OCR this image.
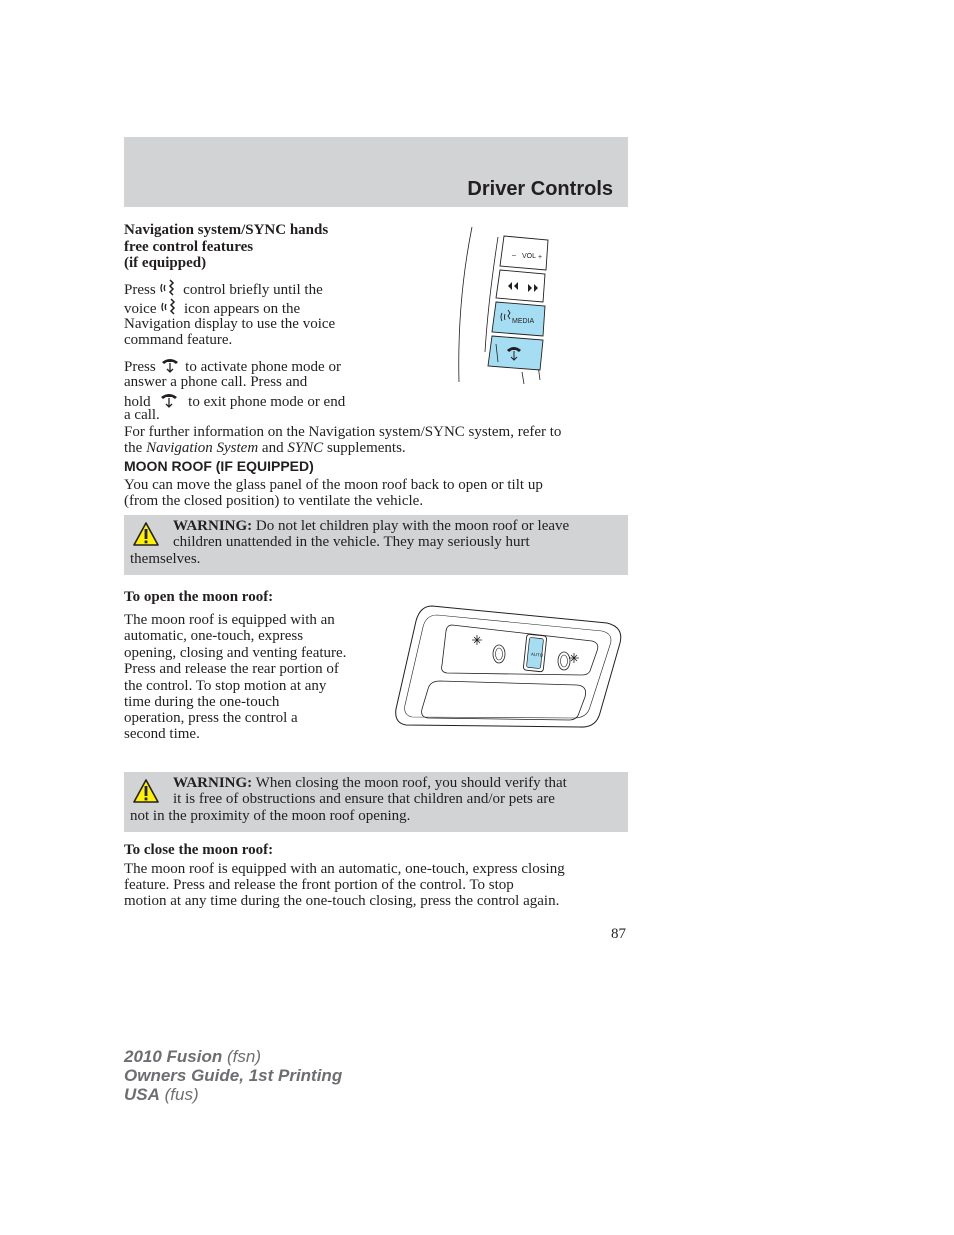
Driver Controls
Navigation system/SYNC hands
free control features
(if equipped)
Press control briefly until the
voice icon appears on the
Navigation display to use the voice
command feature.
Press to activate phone mode or
answer a phone call. Press and
hold	to exit phone mode or end
a call.
– VOL +
MEDIA
For further information on the Navigation system/SYNC system, refer to
the Navigation System and SYNC supplements.
MOON ROOF (IF EQUIPPED)
You can move the glass panel of the moon roof back to open or tilt up
(from the closed position) to ventilate the vehicle.
WARNING: Do not let children play with the moon roof or leave
children unattended in the vehicle. They may seriously hurt
themselves.
To open the moon roof:
The moon roof is equipped with an
automatic, one-touch, express
opening, closing and venting feature.
Press and release the rear portion of
the control. To stop motion at any
time during the one-touch
operation, press the control a
second time.
AUTO
WARNING: When closing the moon roof, you should verify that
it is free of obstructions and ensure that children and/or pets are
not in the proximity of the moon roof opening.
To close the moon roof:
The moon roof is equipped with an automatic, one-touch, express closing
feature. Press and release the front portion of the control. To stop
motion at any time during the one-touch closing, press the control again.
87
2010 Fusion (fsn)
Owners Guide, 1st Printing
USA (fus)
